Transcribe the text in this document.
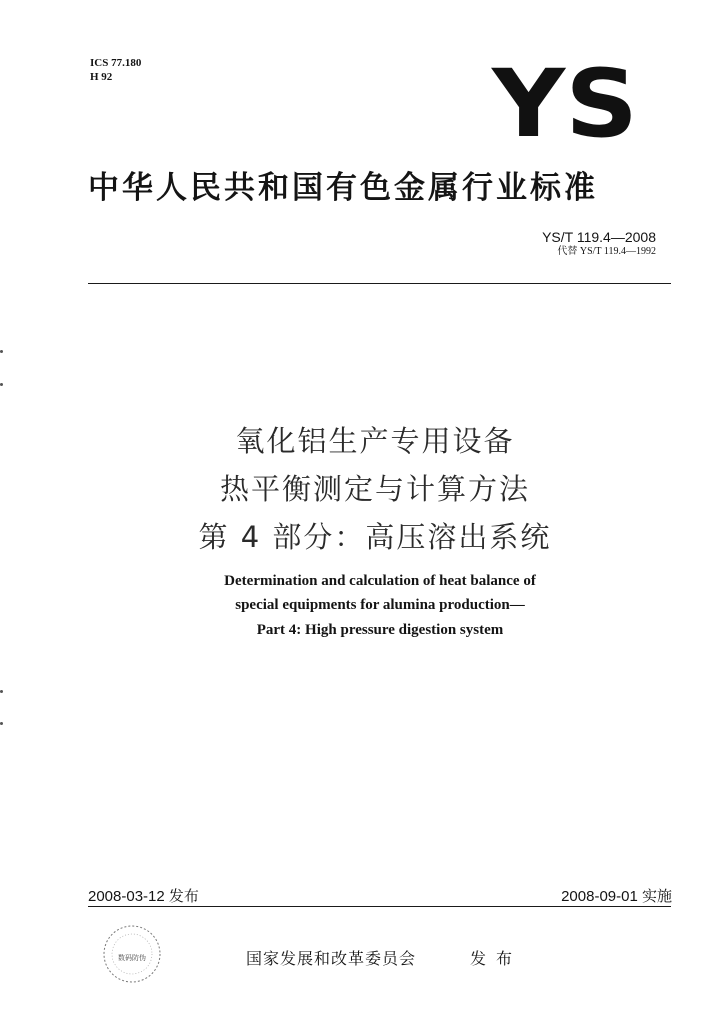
ICS 77.180
H 92	YS
中华人民共和国有色金属行业标准
YS/T 119.4—2008
代替 YS/T 119.4—1992
氧化铝生产专用设备
热平衡测定与计算方法
第 4 部分：高压溶出系统
Determination and calculation of heat balance of
special equipments for alumina production—
Part 4: High pressure digestion system
2008-03-12 发布	2008-09-01 实施
数码防伪	国家发展和改革委员会	发布
